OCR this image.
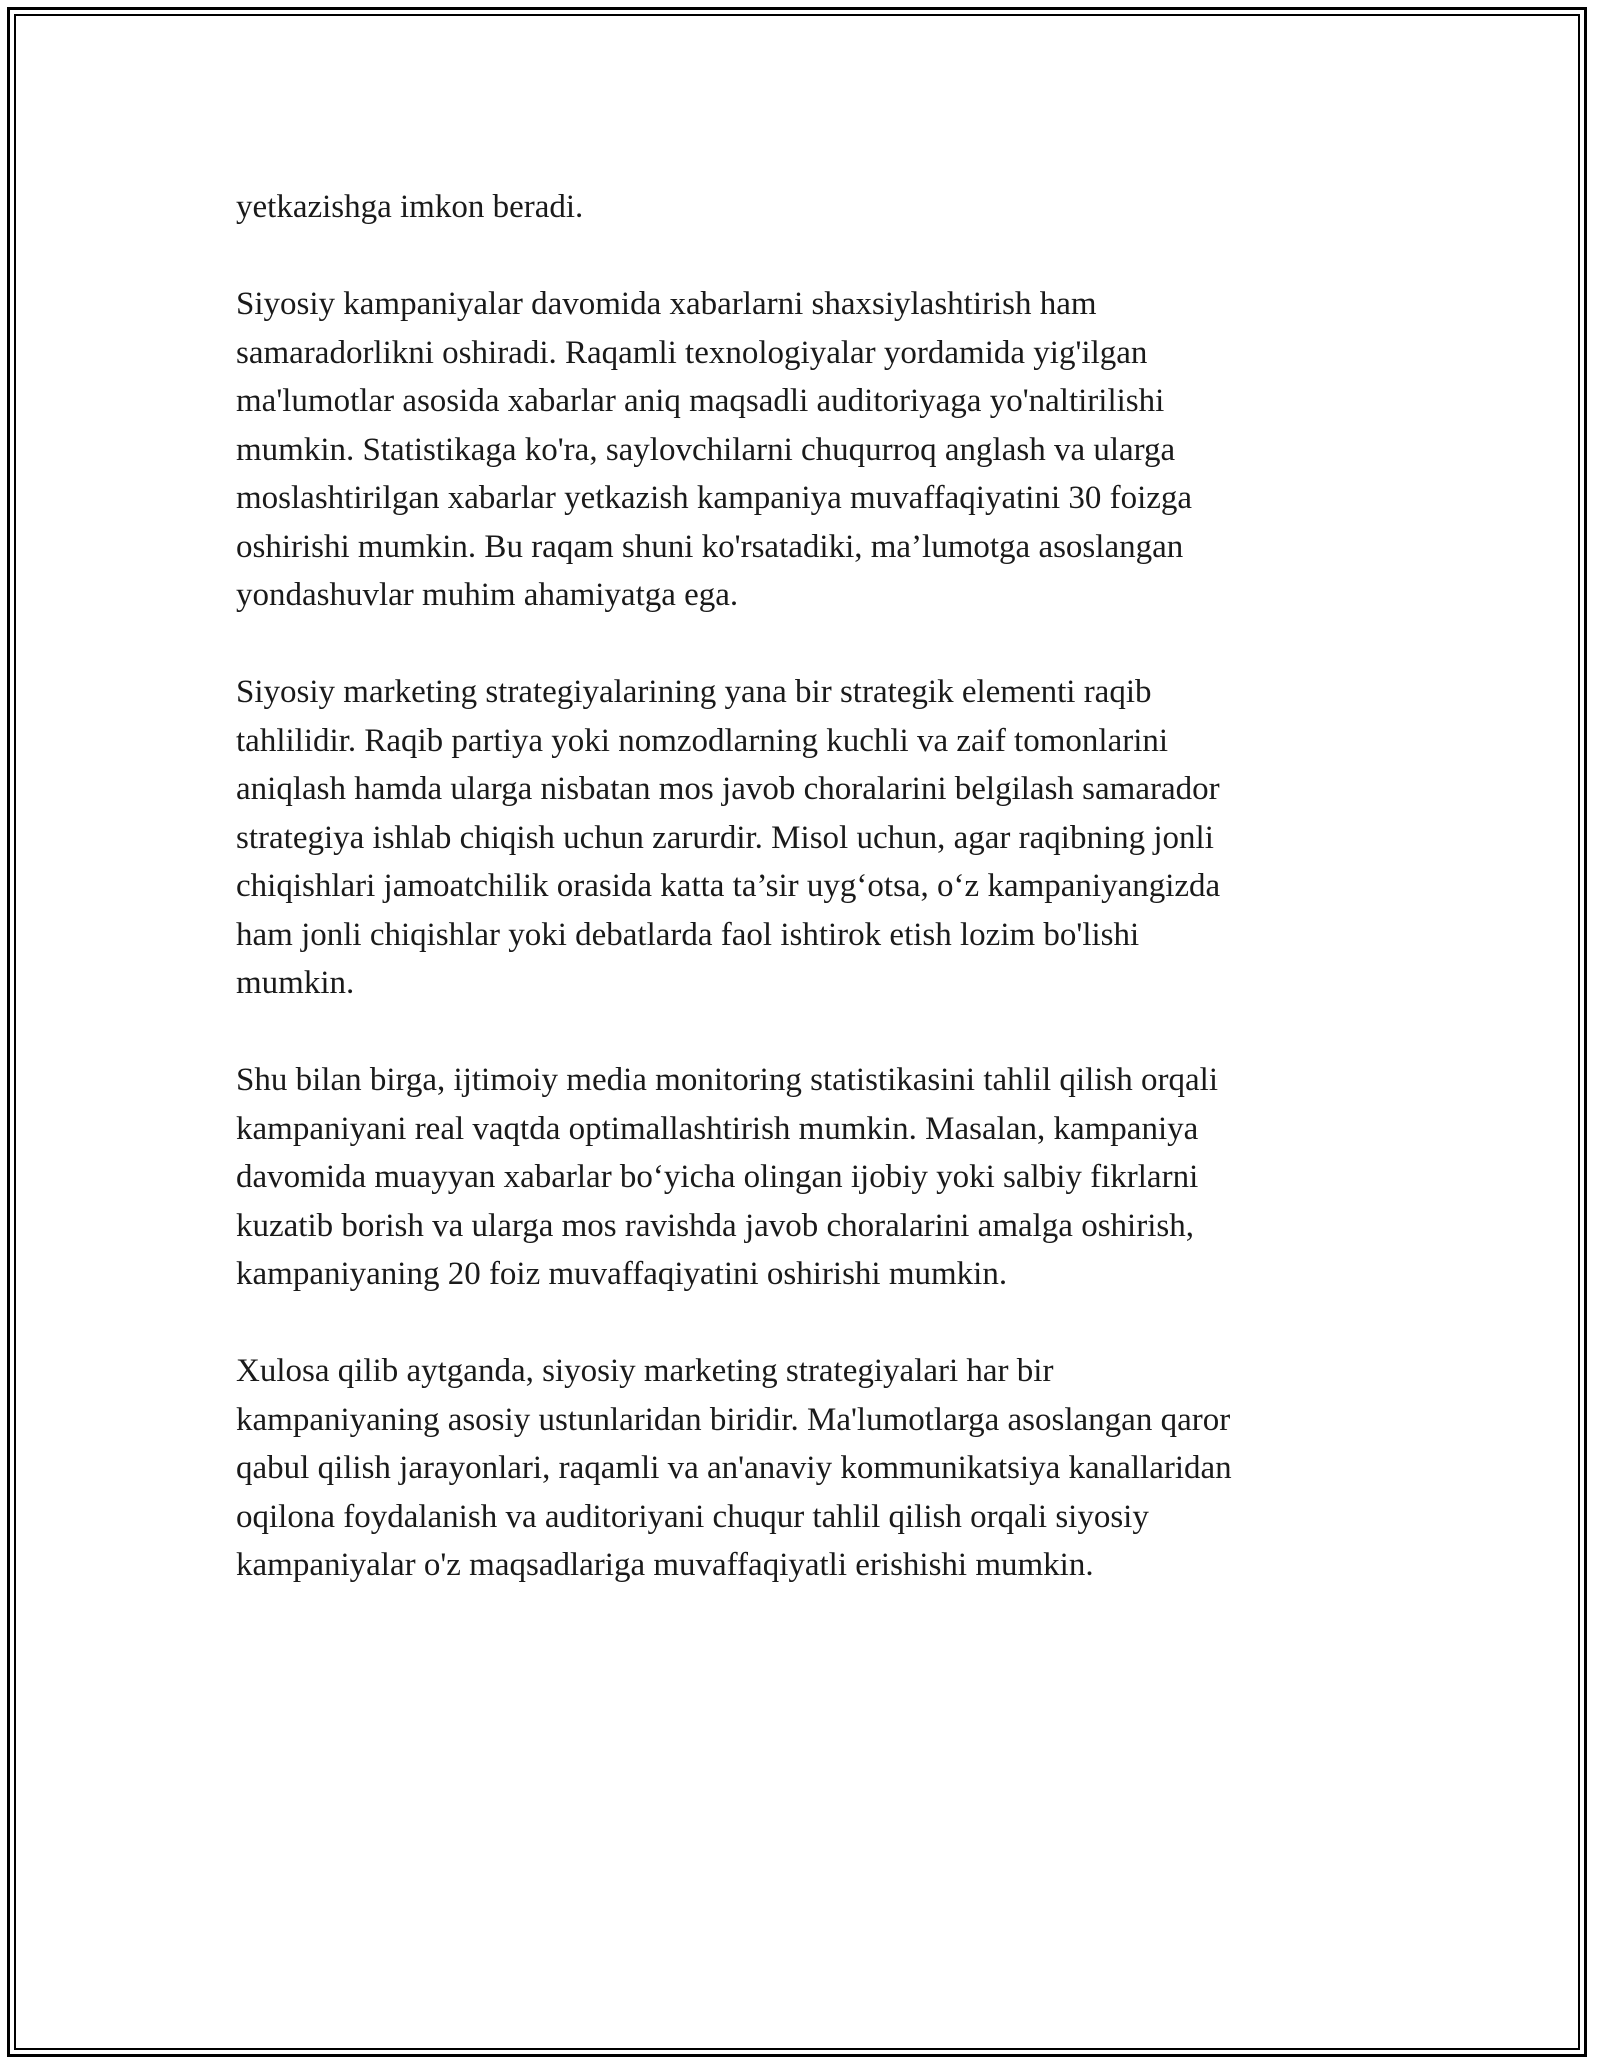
yetkazishga imkon beradi.

Siyosiy kampaniyalar davomida xabarlarni shaxsiylashtirish ham
samaradorlikni oshiradi. Raqamli texnologiyalar yordamida yig'ilgan
ma'lumotlar asosida xabarlar aniq maqsadli auditoriyaga yo'naltirilishi
mumkin. Statistikaga ko'ra, saylovchilarni chuqurroq anglash va ularga
moslashtirilgan xabarlar yetkazish kampaniya muvaffaqiyatini 30 foizga
oshirishi mumkin. Bu raqam shuni ko'rsatadiki, ma’lumotga asoslangan
yondashuvlar muhim ahamiyatga ega.

Siyosiy marketing strategiyalarining yana bir strategik elementi raqib
tahlilidir. Raqib partiya yoki nomzodlarning kuchli va zaif tomonlarini
aniqlash hamda ularga nisbatan mos javob choralarini belgilash samarador
strategiya ishlab chiqish uchun zarurdir. Misol uchun, agar raqibning jonli
chiqishlari jamoatchilik orasida katta ta’sir uyg‘otsa, o‘z kampaniyangizda
ham jonli chiqishlar yoki debatlarda faol ishtirok etish lozim bo'lishi
mumkin.

Shu bilan birga, ijtimoiy media monitoring statistikasini tahlil qilish orqali
kampaniyani real vaqtda optimallashtirish mumkin. Masalan, kampaniya
davomida muayyan xabarlar bo‘yicha olingan ijobiy yoki salbiy fikrlarni
kuzatib borish va ularga mos ravishda javob choralarini amalga oshirish,
kampaniyaning 20 foiz muvaffaqiyatini oshirishi mumkin.

Xulosa qilib aytganda, siyosiy marketing strategiyalari har bir
kampaniyaning asosiy ustunlaridan biridir. Ma'lumotlarga asoslangan qaror
qabul qilish jarayonlari, raqamli va an'anaviy kommunikatsiya kanallaridan
oqilona foydalanish va auditoriyani chuqur tahlil qilish orqali siyosiy
kampaniyalar o'z maqsadlariga muvaffaqiyatli erishishi mumkin.
